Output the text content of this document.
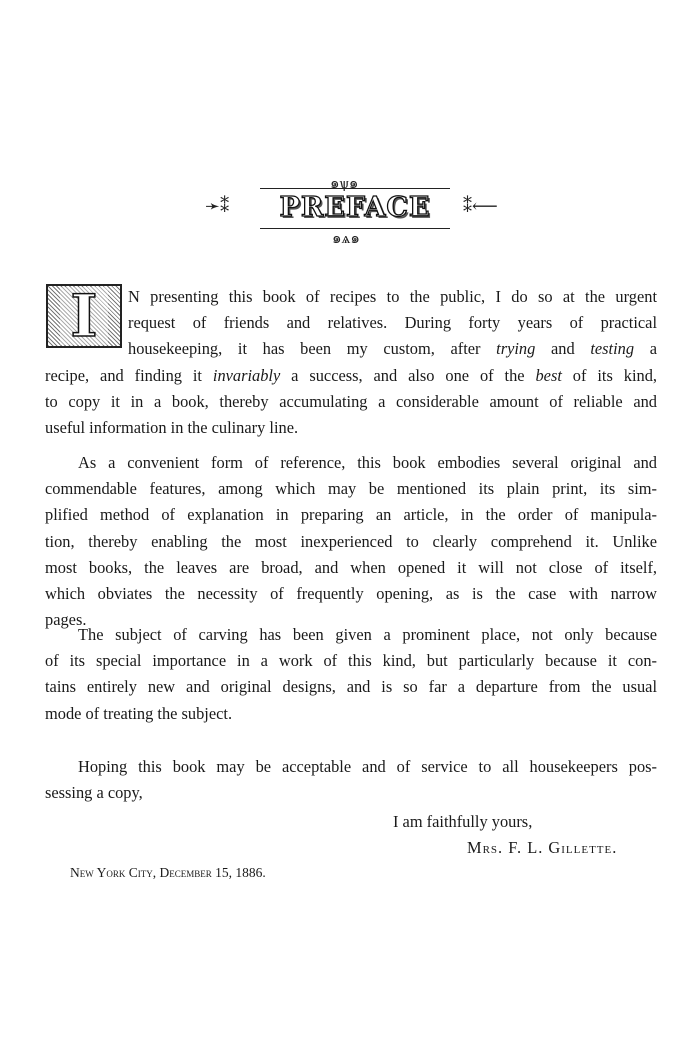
๑ѱ๑
➛⁑	PREFACE	⁑⟵
๑ѧ๑
I	N presenting this book of recipes to the public, I do so at the urgent
request of friends and relatives. During forty years of practical
housekeeping, it has been my custom, after trying and testing a
recipe, and finding it invariably a success, and also one of the best of its kind,
to copy it in a book, thereby accumulating a considerable amount of reliable and
useful information in the culinary line.
As a convenient form of reference, this book embodies several original and
commendable features, among which may be mentioned its plain print, its sim-
plified method of explanation in preparing an article, in the order of manipula-
tion, thereby enabling the most inexperienced to clearly comprehend it. Unlike
most books, the leaves are broad, and when opened it will not close of itself,
which obviates the necessity of frequently opening, as is the case with narrow
pages.
The subject of carving has been given a prominent place, not only because
of its special importance in a work of this kind, but particularly because it con-
tains entirely new and original designs, and is so far a departure from the usual
mode of treating the subject.
Hoping this book may be acceptable and of service to all housekeepers pos-
sessing a copy,
I am faithfully yours,
Mrs. F. L. Gillette.
New York City, December 15, 1886.
